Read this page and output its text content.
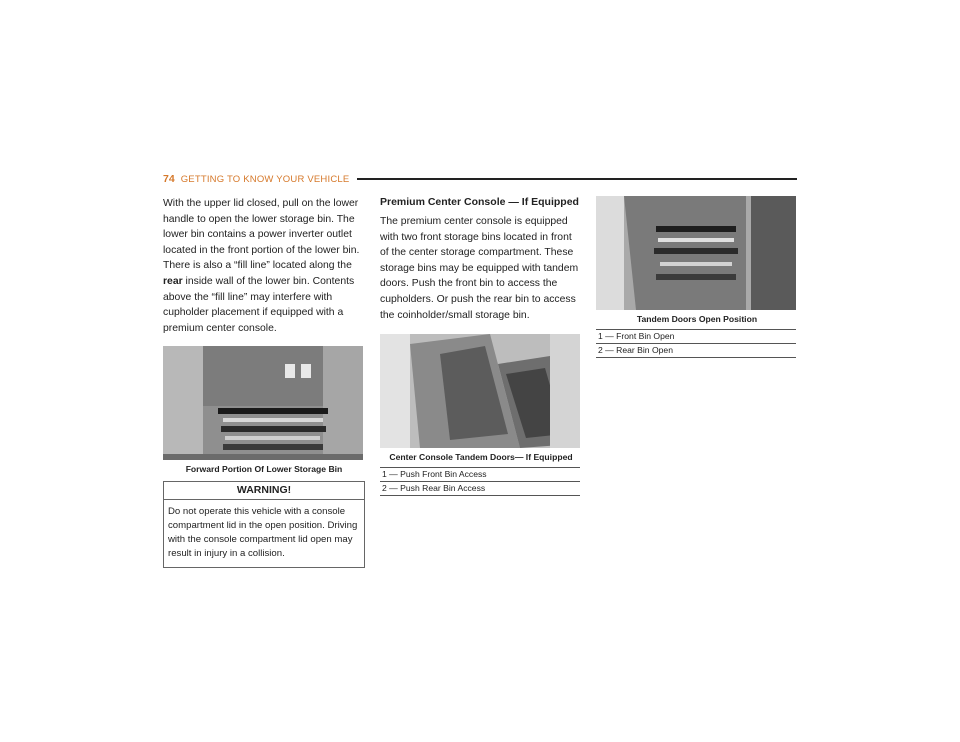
74 GETTING TO KNOW YOUR VEHICLE

With the upper lid closed, pull on the lower handle to open the lower storage bin. The lower bin contains a power inverter outlet located in the front portion of the lower bin. There is also a “fill line” located along the rear inside wall of the lower bin. Contents above the “fill line” may interfere with cupholder placement if equipped with a premium center console.

Forward Portion Of Lower Storage Bin

WARNING!
Do not operate this vehicle with a console compartment lid in the open position. Driving with the console compartment lid open may result in injury in a collision.

Premium Center Console — If Equipped

The premium center console is equipped with two front storage bins located in front of the center storage compartment. These storage bins may be equipped with tandem doors. Push the front bin to access the cupholders. Or push the rear bin to access the coinholder/small storage bin.

Center Console Tandem Doors— If Equipped

1 — Push Front Bin Access
2 — Push Rear Bin Access

Tandem Doors Open Position

1 — Front Bin Open
2 — Rear Bin Open
